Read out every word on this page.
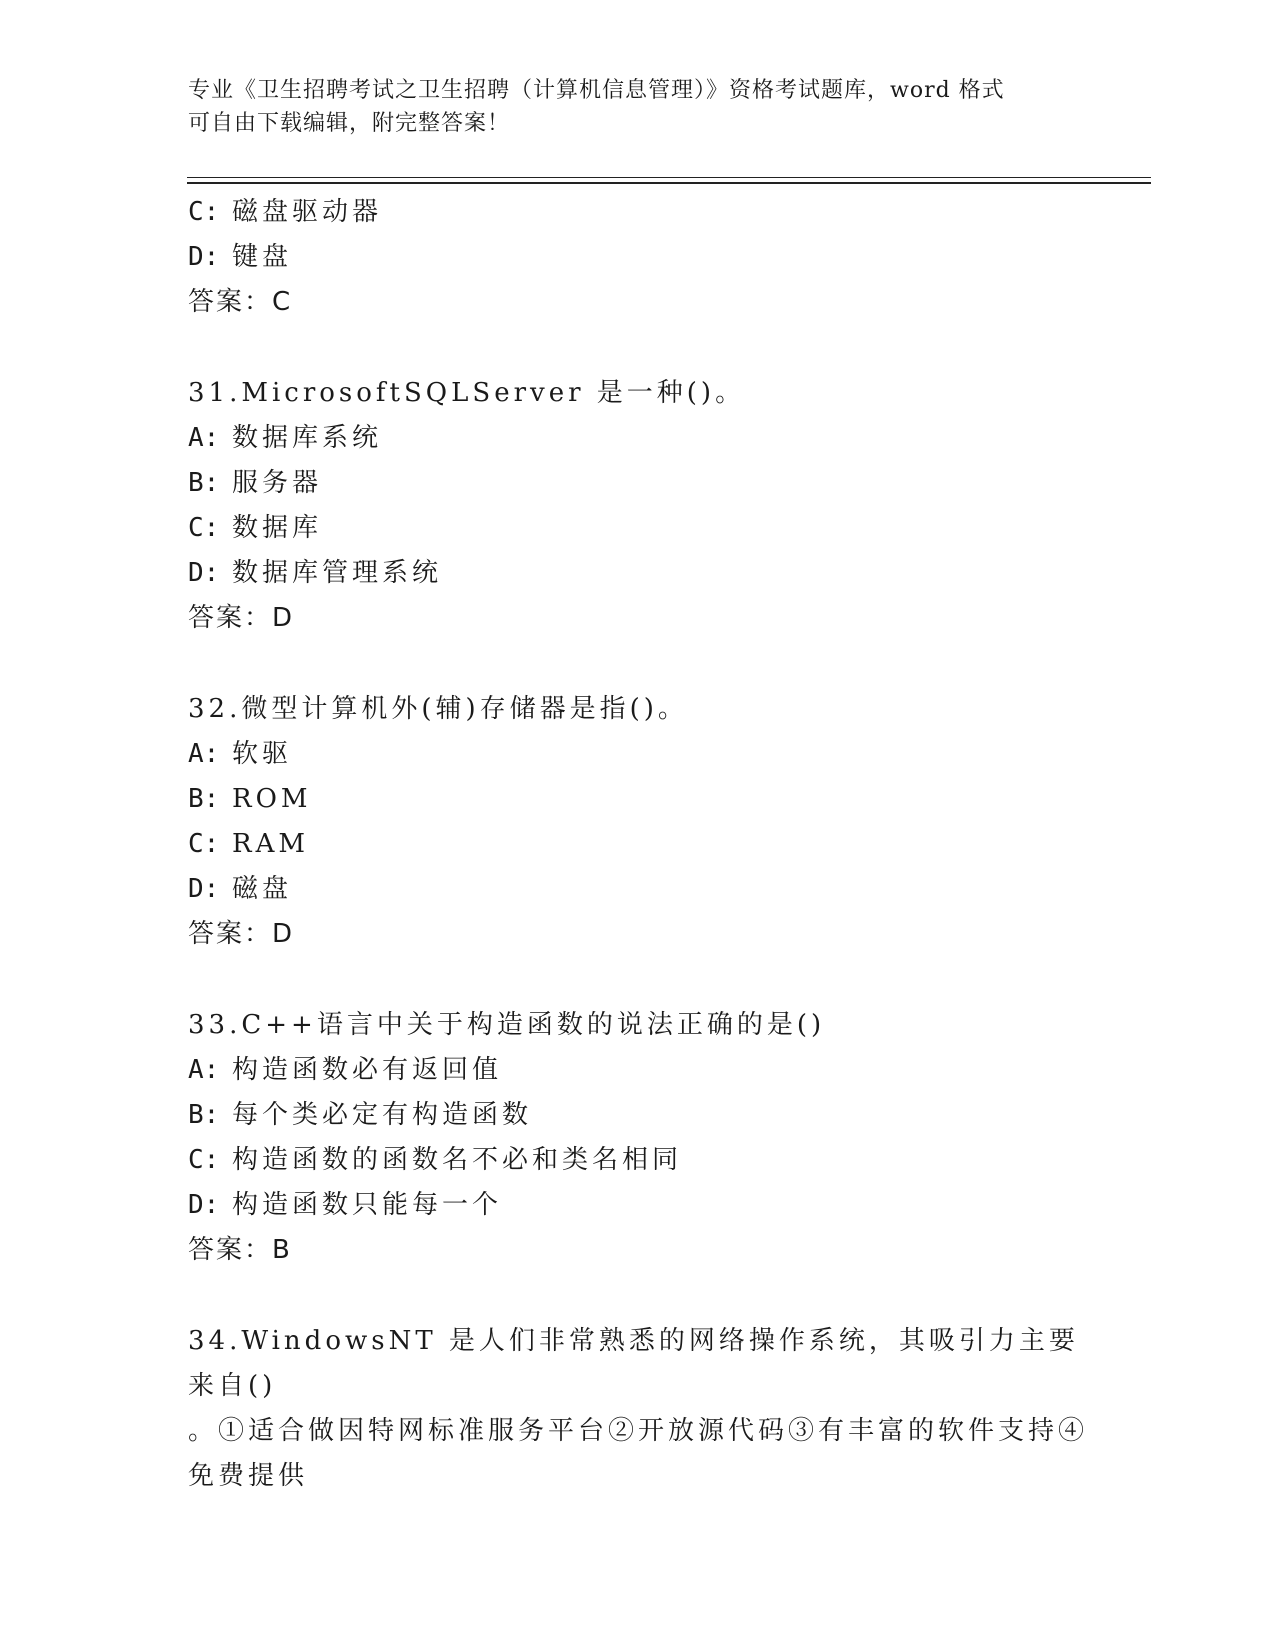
专业《卫生招聘考试之卫生招聘（计算机信息管理）》资格考试题库，word 格式
可自由下载编辑，附完整答案！
C: 磁盘驱动器
D: 键盘
答案：C
31.MicrosoftSQLServer 是一种()。
A: 数据库系统
B: 服务器
C: 数据库
D: 数据库管理系统
答案：D
32.微型计算机外(辅)存储器是指()。
A: 软驱
B: ROM
C: RAM
D: 磁盘
答案：D
33.C++语言中关于构造函数的说法正确的是()
A: 构造函数必有返回值
B: 每个类必定有构造函数
C: 构造函数的函数名不必和类名相同
D: 构造函数只能每一个
答案：B
34.WindowsNT 是人们非常熟悉的网络操作系统，其吸引力主要来自()
。①适合做因特网标准服务平台②开放源代码③有丰富的软件支持④
免费提供
